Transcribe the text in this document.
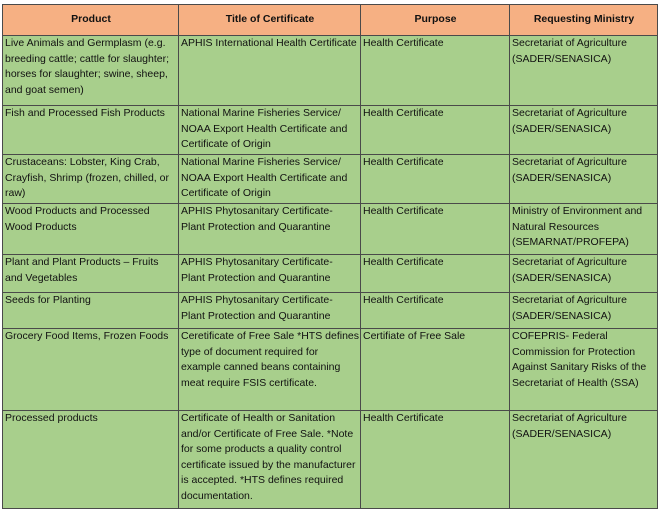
Product	Title of Certificate	Purpose	Requesting Ministry
Live Animals and Germplasm (e.g. breeding cattle; cattle for slaughter; horses for slaughter; swine, sheep, and goat semen)	APHIS International Health Certificate	Health Certificate	Secretariat of Agriculture (SADER/SENASICA)
Fish and Processed Fish Products	National Marine Fisheries Service/ NOAA Export Health Certificate and Certificate of Origin	Health Certificate	Secretariat of Agriculture (SADER/SENASICA)
Crustaceans: Lobster, King Crab, Crayfish, Shrimp (frozen, chilled, or raw)	National Marine Fisheries Service/ NOAA Export Health Certificate and Certificate of Origin	Health Certificate	Secretariat of Agriculture (SADER/SENASICA)
Wood Products and Processed Wood Products	APHIS Phytosanitary Certificate- Plant Protection and Quarantine	Health Certificate	Ministry of Environment and Natural Resources (SEMARNAT/PROFEPA)
Plant and Plant Products – Fruits and Vegetables	APHIS Phytosanitary Certificate- Plant Protection and Quarantine	Health Certificate	Secretariat of Agriculture (SADER/SENASICA)
Seeds for Planting	APHIS Phytosanitary Certificate- Plant Protection and Quarantine	Health Certificate	Secretariat of Agriculture (SADER/SENASICA)
Grocery Food Items, Frozen Foods	Ceretificate of Free Sale *HTS defines type of document required for example canned beans containing meat require FSIS certificate.	Certifiate of Free Sale	COFEPRIS- Federal Commission for Protection Against Sanitary Risks of the Secretariat of Health (SSA)
Processed products	Certificate of Health or Sanitation and/or Certificate of Free Sale. *Note for some products a quality control certificate issued by the manufacturer is accepted. *HTS defines required documentation.	Health Certificate	Secretariat of Agriculture (SADER/SENASICA)
